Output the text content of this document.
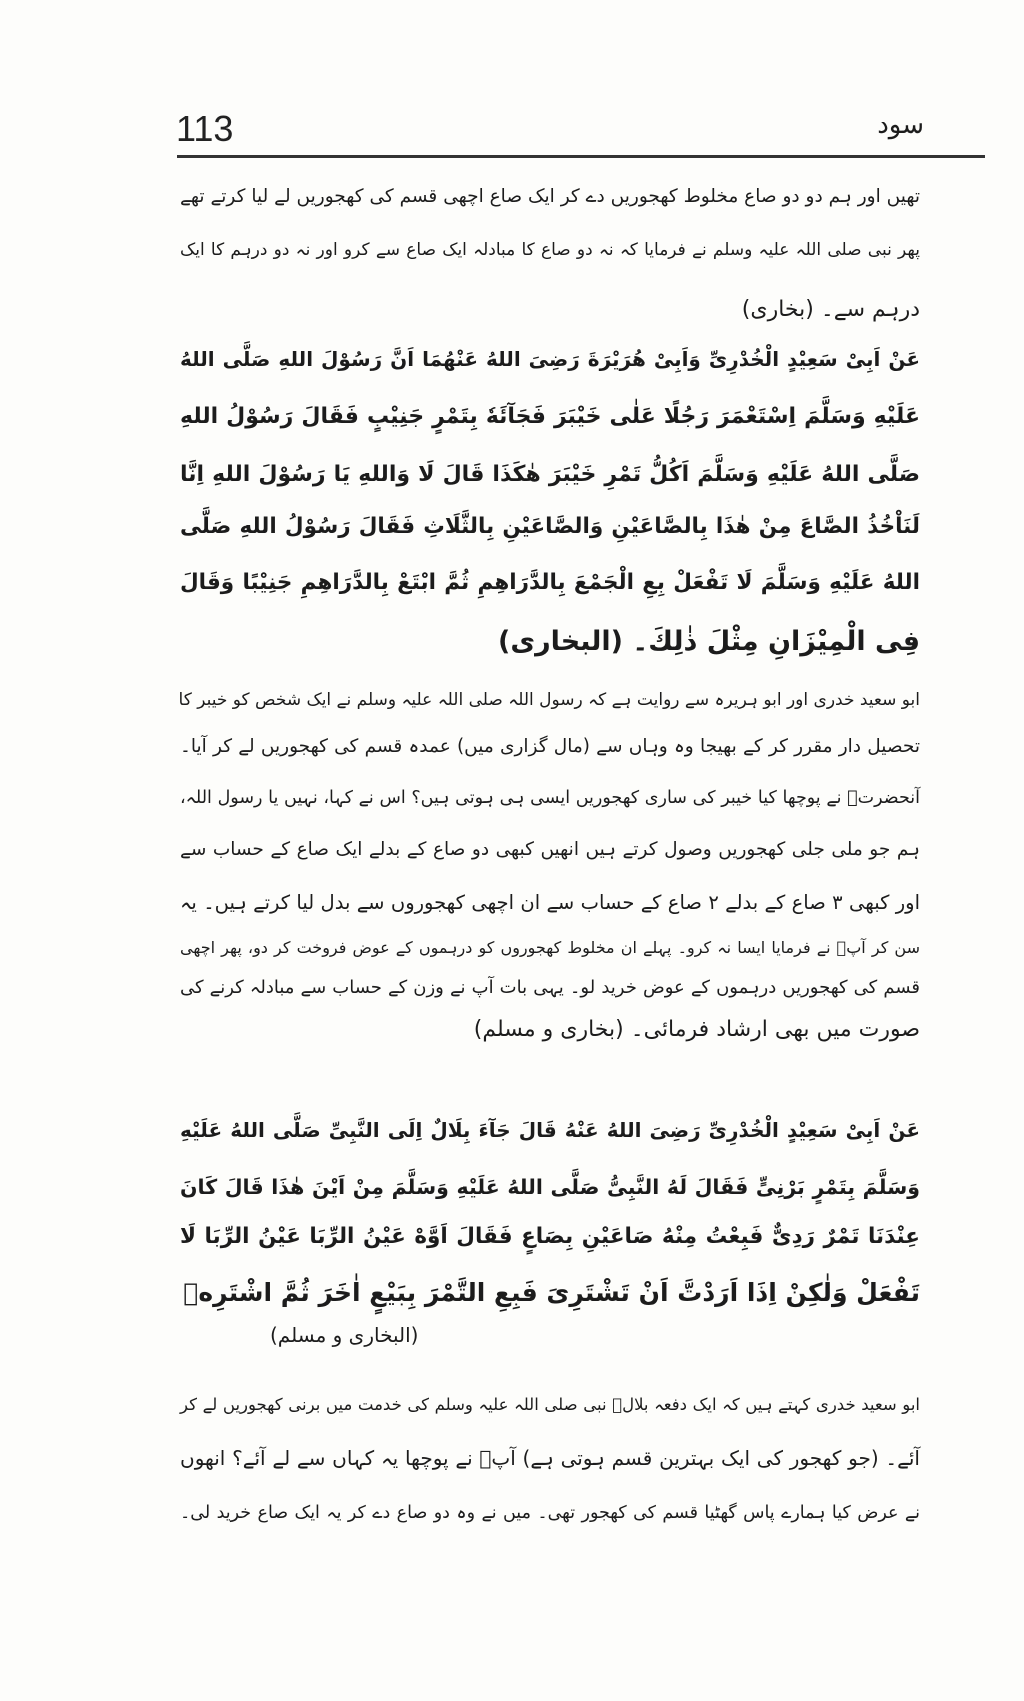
113	سود
تھیں اور ہم دو دو صاع مخلوط کھجوریں دے کر ایک صاع اچھی قسم کی کھجوریں لے لیا کرتے تھے
پھر نبی صلی اللہ علیہ وسلم نے فرمایا کہ نہ دو صاع کا مبادلہ ایک صاع سے کرو اور نہ دو درہم کا ایک
درہم سے۔ (بخاری)
عَنْ اَبِیْ سَعِیْدٍ الْخُدْرِیِّ وَاَبِیْ هُرَیْرَةَ رَضِیَ اللهُ عَنْهُمَا اَنَّ رَسُوْلَ اللهِ صَلَّی اللهُ
عَلَیْهِ وَسَلَّمَ اِسْتَعْمَرَ رَجُلًا عَلٰی خَیْبَرَ فَجَآئَهٗ بِتَمْرٍ جَنِیْبٍ فَقَالَ رَسُوْلُ اللهِ
صَلَّی اللهُ عَلَیْهِ وَسَلَّمَ اَكُلُّ تَمْرِ خَیْبَرَ هٰكَذَا قَالَ لَا وَاللهِ یَا رَسُوْلَ اللهِ اِنَّا
لَنَاْخُذُ الصَّاعَ مِنْ هٰذَا بِالصَّاعَیْنِ وَالصَّاعَیْنِ بِالثَّلَاثِ فَقَالَ رَسُوْلُ اللهِ صَلَّی
اللهُ عَلَیْهِ وَسَلَّمَ لَا تَفْعَلْ بِعِ الْجَمْعَ بِالدَّرَاهِمِ ثُمَّ ابْتَعْ بِالدَّرَاهِمِ جَنِیْبًا وَقَالَ
فِی الْمِیْزَانِ مِثْلَ ذٰلِكَ۔ (البخاری)
ابو سعید خدری اور ابو ہریرہ سے روایت ہے کہ رسول اللہ صلی اللہ علیہ وسلم نے ایک شخص کو خیبر کا
تحصیل دار مقرر کر کے بھیجا وہ وہاں سے (مال گزاری میں) عمدہ قسم کی کھجوریں لے کر آیا۔
آنحضرتؐ نے پوچھا کیا خیبر کی ساری کھجوریں ایسی ہی ہوتی ہیں؟ اس نے کہا، نہیں یا رسول اللہ،
ہم جو ملی جلی کھجوریں وصول کرتے ہیں انھیں کبھی دو صاع کے بدلے ایک صاع کے حساب سے
اور کبھی ۳ صاع کے بدلے ۲ صاع کے حساب سے ان اچھی کھجوروں سے بدل لیا کرتے ہیں۔ یہ
سن کر آپؐ نے فرمایا ایسا نہ کرو۔ پہلے ان مخلوط کھجوروں کو درہموں کے عوض فروخت کر دو، پھر اچھی
قسم کی کھجوریں درہموں کے عوض خرید لو۔ یہی بات آپ نے وزن کے حساب سے مبادلہ کرنے کی
صورت میں بھی ارشاد فرمائی۔ (بخاری و مسلم)
عَنْ اَبِیْ سَعِیْدٍ الْخُدْرِیِّ رَضِیَ اللهُ عَنْهُ قَالَ جَآءَ بِلَالٌ اِلَی النَّبِیِّ صَلَّی اللهُ عَلَیْهِ
وَسَلَّمَ بِتَمْرٍ بَرْنِیٍّ فَقَالَ لَهُ النَّبِیُّ صَلَّی اللهُ عَلَیْهِ وَسَلَّمَ مِنْ اَیْنَ هٰذَا قَالَ كَانَ
عِنْدَنَا تَمْرٌ رَدِیٌّ فَبِعْتُ مِنْهُ صَاعَیْنِ بِصَاعٍ فَقَالَ اَوَّهْ عَیْنُ الرِّبَا عَیْنُ الرِّبَا لَا
تَفْعَلْ وَلٰكِنْ اِذَا اَرَدْتَّ اَنْ تَشْتَرِیَ فَبِعِ التَّمْرَ بِبَیْعٍ اٰخَرَ ثُمَّ اشْتَرِهٖ
(البخاری و مسلم)
ابو سعید خدری کہتے ہیں کہ ایک دفعہ بلالؓ نبی صلی اللہ علیہ وسلم کی خدمت میں برنی کھجوریں لے کر
آئے۔ (جو کھجور کی ایک بہترین قسم ہوتی ہے) آپؐ نے پوچھا یہ کہاں سے لے آئے؟ انھوں
نے عرض کیا ہمارے پاس گھٹیا قسم کی کھجور تھی۔ میں نے وہ دو صاع دے کر یہ ایک صاع خرید لی۔
